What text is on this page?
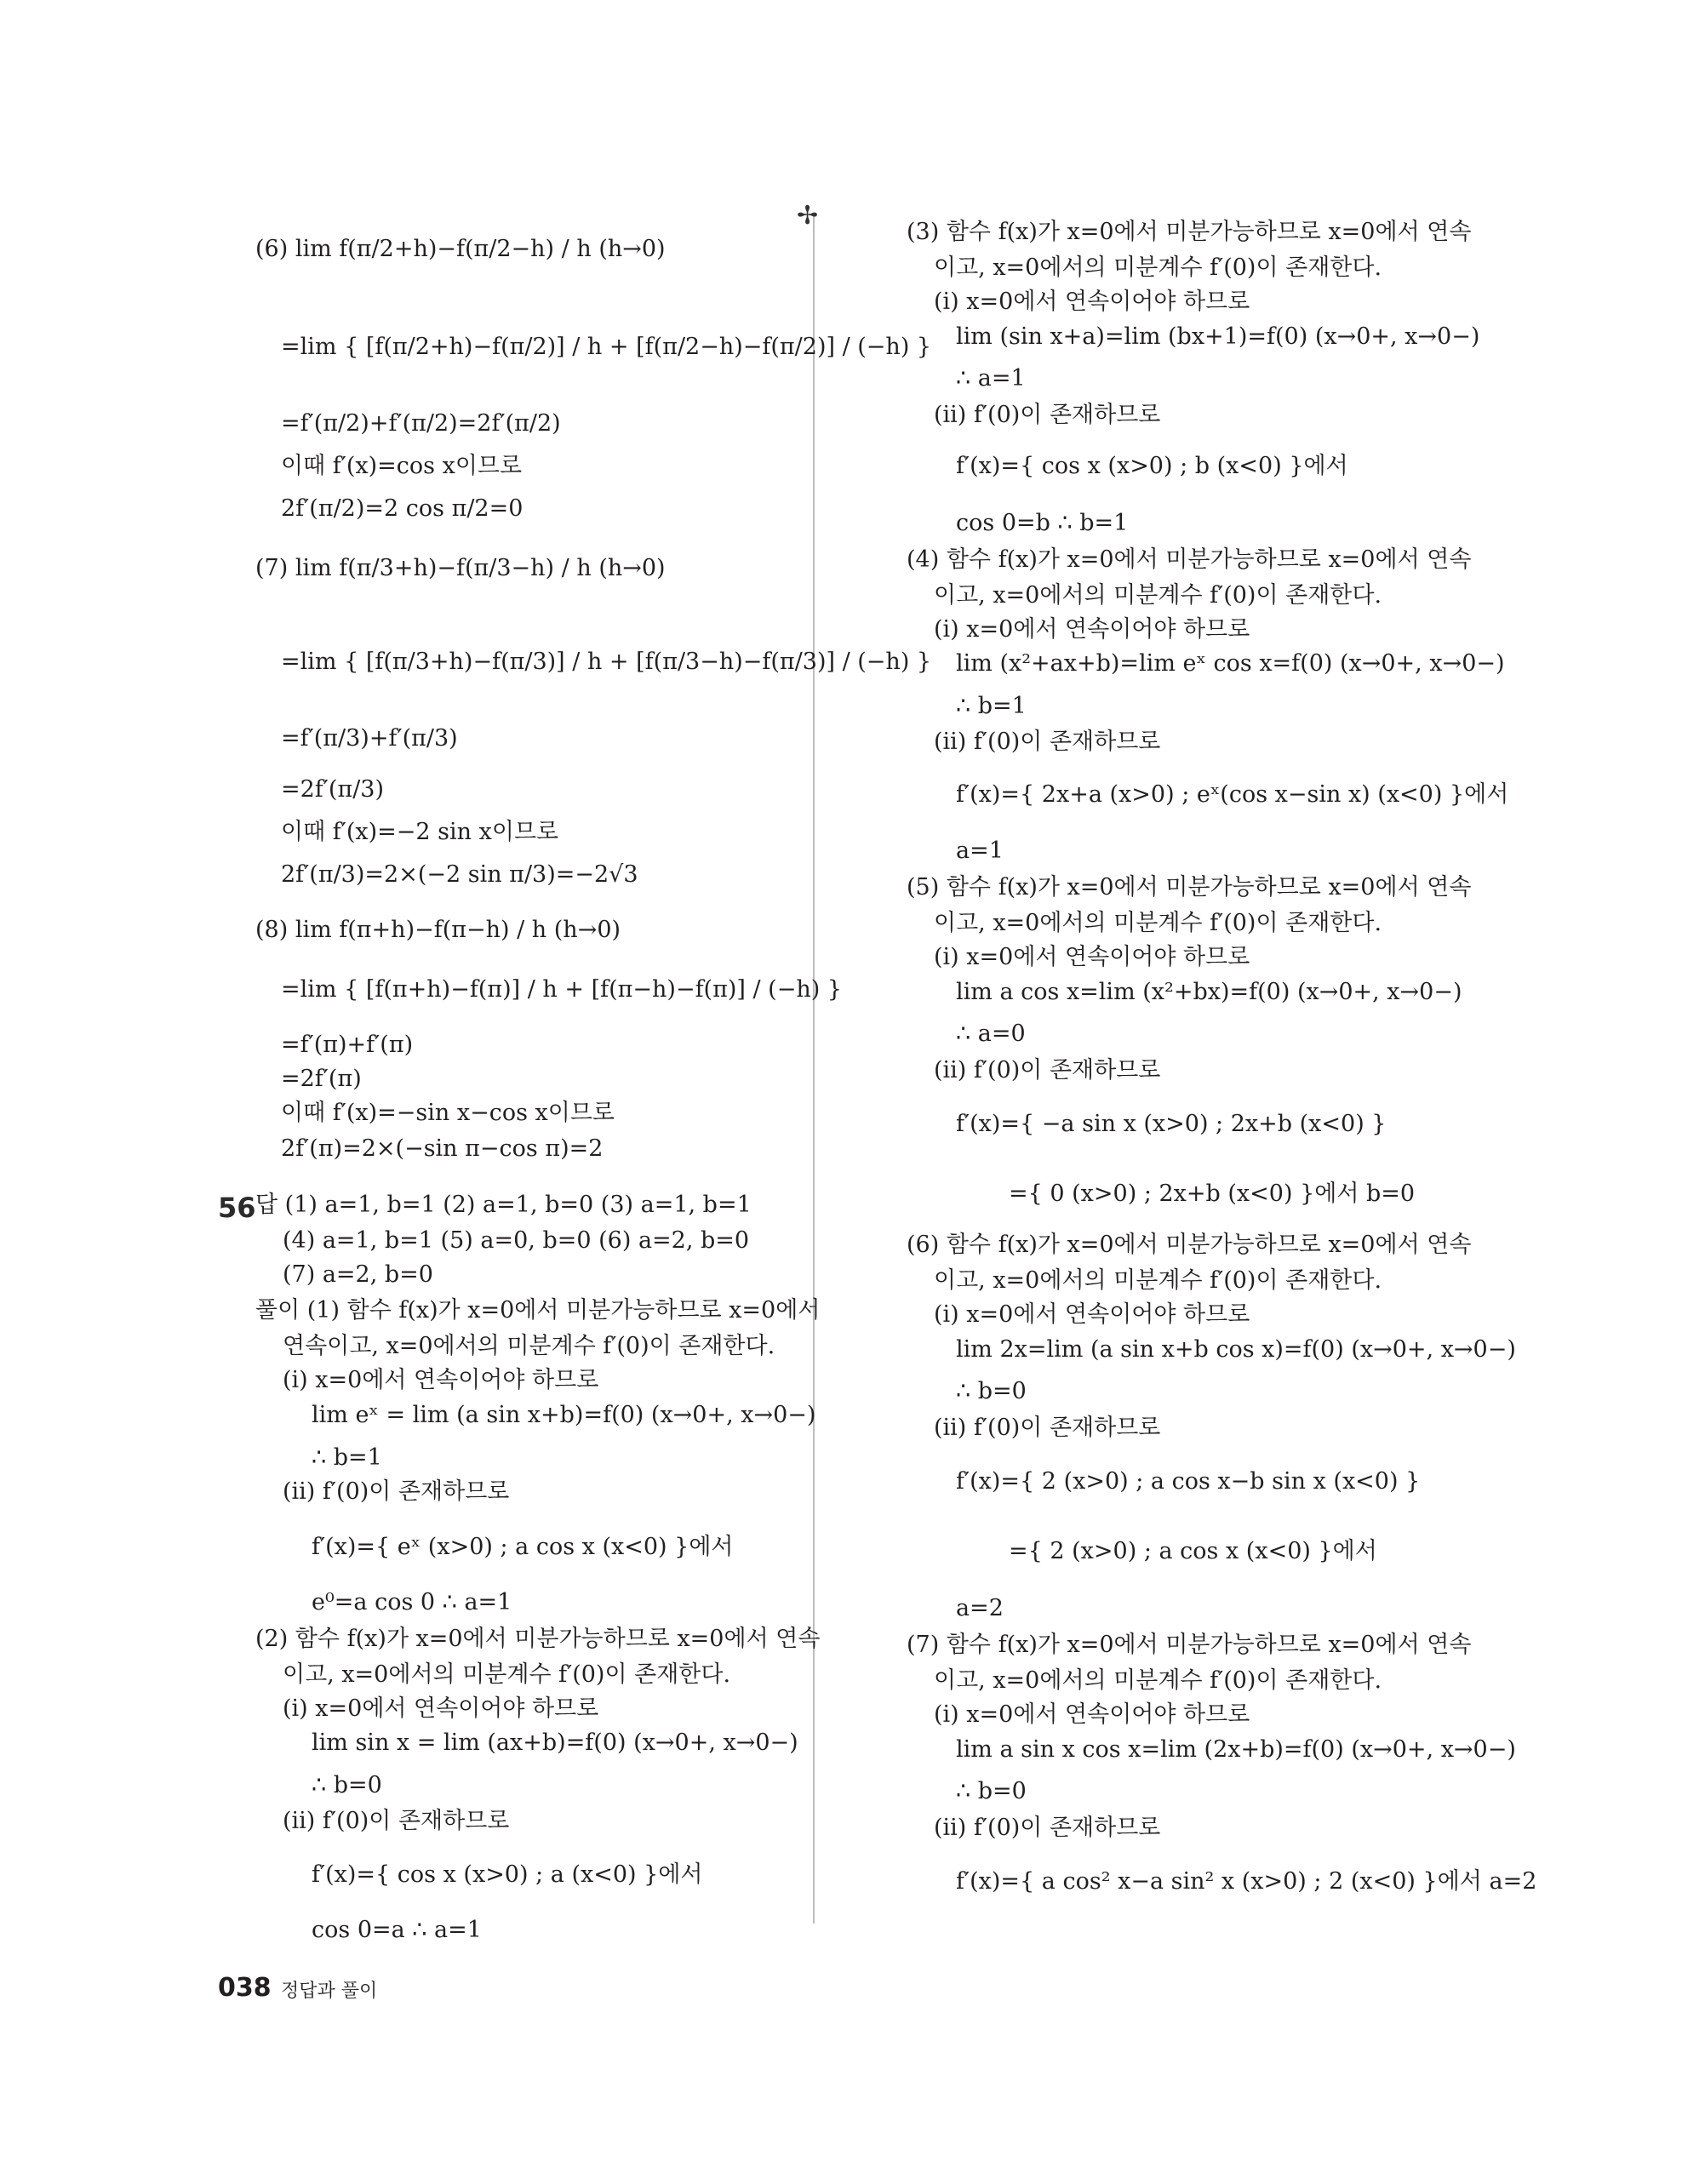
✢
56
(6) lim f(π/2+h)−f(π/2−h) / h (h→0)
=lim { [f(π/2+h)−f(π/2)] / h + [f(π/2−h)−f(π/2)] / (−h) }
=f′(π/2)+f′(π/2)=2f′(π/2)
이때 f′(x)=cos x이므로
2f′(π/2)=2 cos π/2=0
(7) lim f(π/3+h)−f(π/3−h) / h (h→0)
=lim { [f(π/3+h)−f(π/3)] / h + [f(π/3−h)−f(π/3)] / (−h) }
=f′(π/3)+f′(π/3)
=2f′(π/3)
이때 f′(x)=−2 sin x이므로
2f′(π/3)=2×(−2 sin π/3)=−2√3
(8) lim f(π+h)−f(π−h) / h (h→0)
=lim { [f(π+h)−f(π)] / h + [f(π−h)−f(π)] / (−h) }
=f′(π)+f′(π)
=2f′(π)
이때 f′(x)=−sin x−cos x이므로
2f′(π)=2×(−sin π−cos π)=2
답 (1) a=1, b=1 (2) a=1, b=0 (3) a=1, b=1
(4) a=1, b=1 (5) a=0, b=0 (6) a=2, b=0
(7) a=2, b=0
풀이 (1) 함수 f(x)가 x=0에서 미분가능하므로 x=0에서
연속이고, x=0에서의 미분계수 f′(0)이 존재한다.
(ⅰ) x=0에서 연속이어야 하므로
lim eˣ = lim (a sin x+b)=f(0) (x→0+, x→0−)
∴ b=1
(ⅱ) f′(0)이 존재하므로
f′(x)={ eˣ (x>0) ; a cos x (x<0) }에서
e⁰=a cos 0 ∴ a=1
(2) 함수 f(x)가 x=0에서 미분가능하므로 x=0에서 연속
이고, x=0에서의 미분계수 f′(0)이 존재한다.
(ⅰ) x=0에서 연속이어야 하므로
lim sin x = lim (ax+b)=f(0) (x→0+, x→0−)
∴ b=0
(ⅱ) f′(0)이 존재하므로
f′(x)={ cos x (x>0) ; a (x<0) }에서
cos 0=a ∴ a=1
(3) 함수 f(x)가 x=0에서 미분가능하므로 x=0에서 연속
이고, x=0에서의 미분계수 f′(0)이 존재한다.
(ⅰ) x=0에서 연속이어야 하므로
lim (sin x+a)=lim (bx+1)=f(0) (x→0+, x→0−)
∴ a=1
(ⅱ) f′(0)이 존재하므로
f′(x)={ cos x (x>0) ; b (x<0) }에서
cos 0=b ∴ b=1
(4) 함수 f(x)가 x=0에서 미분가능하므로 x=0에서 연속
이고, x=0에서의 미분계수 f′(0)이 존재한다.
(ⅰ) x=0에서 연속이어야 하므로
lim (x²+ax+b)=lim eˣ cos x=f(0) (x→0+, x→0−)
∴ b=1
(ⅱ) f′(0)이 존재하므로
f′(x)={ 2x+a (x>0) ; eˣ(cos x−sin x) (x<0) }에서
a=1
(5) 함수 f(x)가 x=0에서 미분가능하므로 x=0에서 연속
이고, x=0에서의 미분계수 f′(0)이 존재한다.
(ⅰ) x=0에서 연속이어야 하므로
lim a cos x=lim (x²+bx)=f(0) (x→0+, x→0−)
∴ a=0
(ⅱ) f′(0)이 존재하므로
f′(x)={ −a sin x (x>0) ; 2x+b (x<0) }
={ 0 (x>0) ; 2x+b (x<0) }에서 b=0
(6) 함수 f(x)가 x=0에서 미분가능하므로 x=0에서 연속
이고, x=0에서의 미분계수 f′(0)이 존재한다.
(ⅰ) x=0에서 연속이어야 하므로
lim 2x=lim (a sin x+b cos x)=f(0) (x→0+, x→0−)
∴ b=0
(ⅱ) f′(0)이 존재하므로
f′(x)={ 2 (x>0) ; a cos x−b sin x (x<0) }
={ 2 (x>0) ; a cos x (x<0) }에서
a=2
(7) 함수 f(x)가 x=0에서 미분가능하므로 x=0에서 연속
이고, x=0에서의 미분계수 f′(0)이 존재한다.
(ⅰ) x=0에서 연속이어야 하므로
lim a sin x cos x=lim (2x+b)=f(0) (x→0+, x→0−)
∴ b=0
(ⅱ) f′(0)이 존재하므로
f′(x)={ a cos² x−a sin² x (x>0) ; 2 (x<0) }에서 a=2
038 정답과 풀이
